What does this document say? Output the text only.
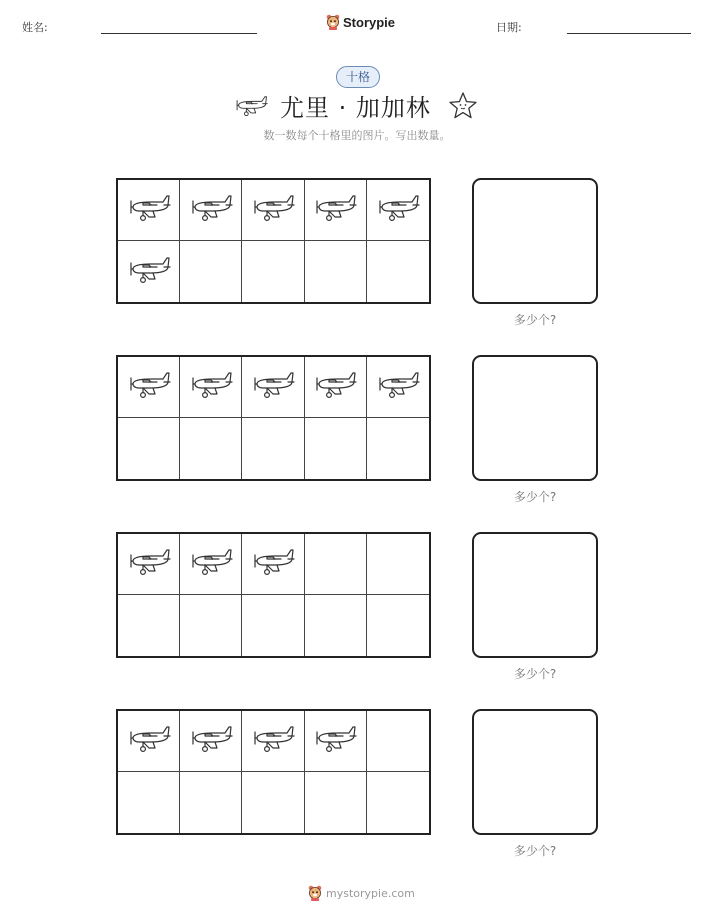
姓名:	Storypie	日期:
十格
尤里 · 加加林
数一数每个十格里的图片。写出数量。
多少个?
多少个?
多少个?
多少个?
mystorypie.com
